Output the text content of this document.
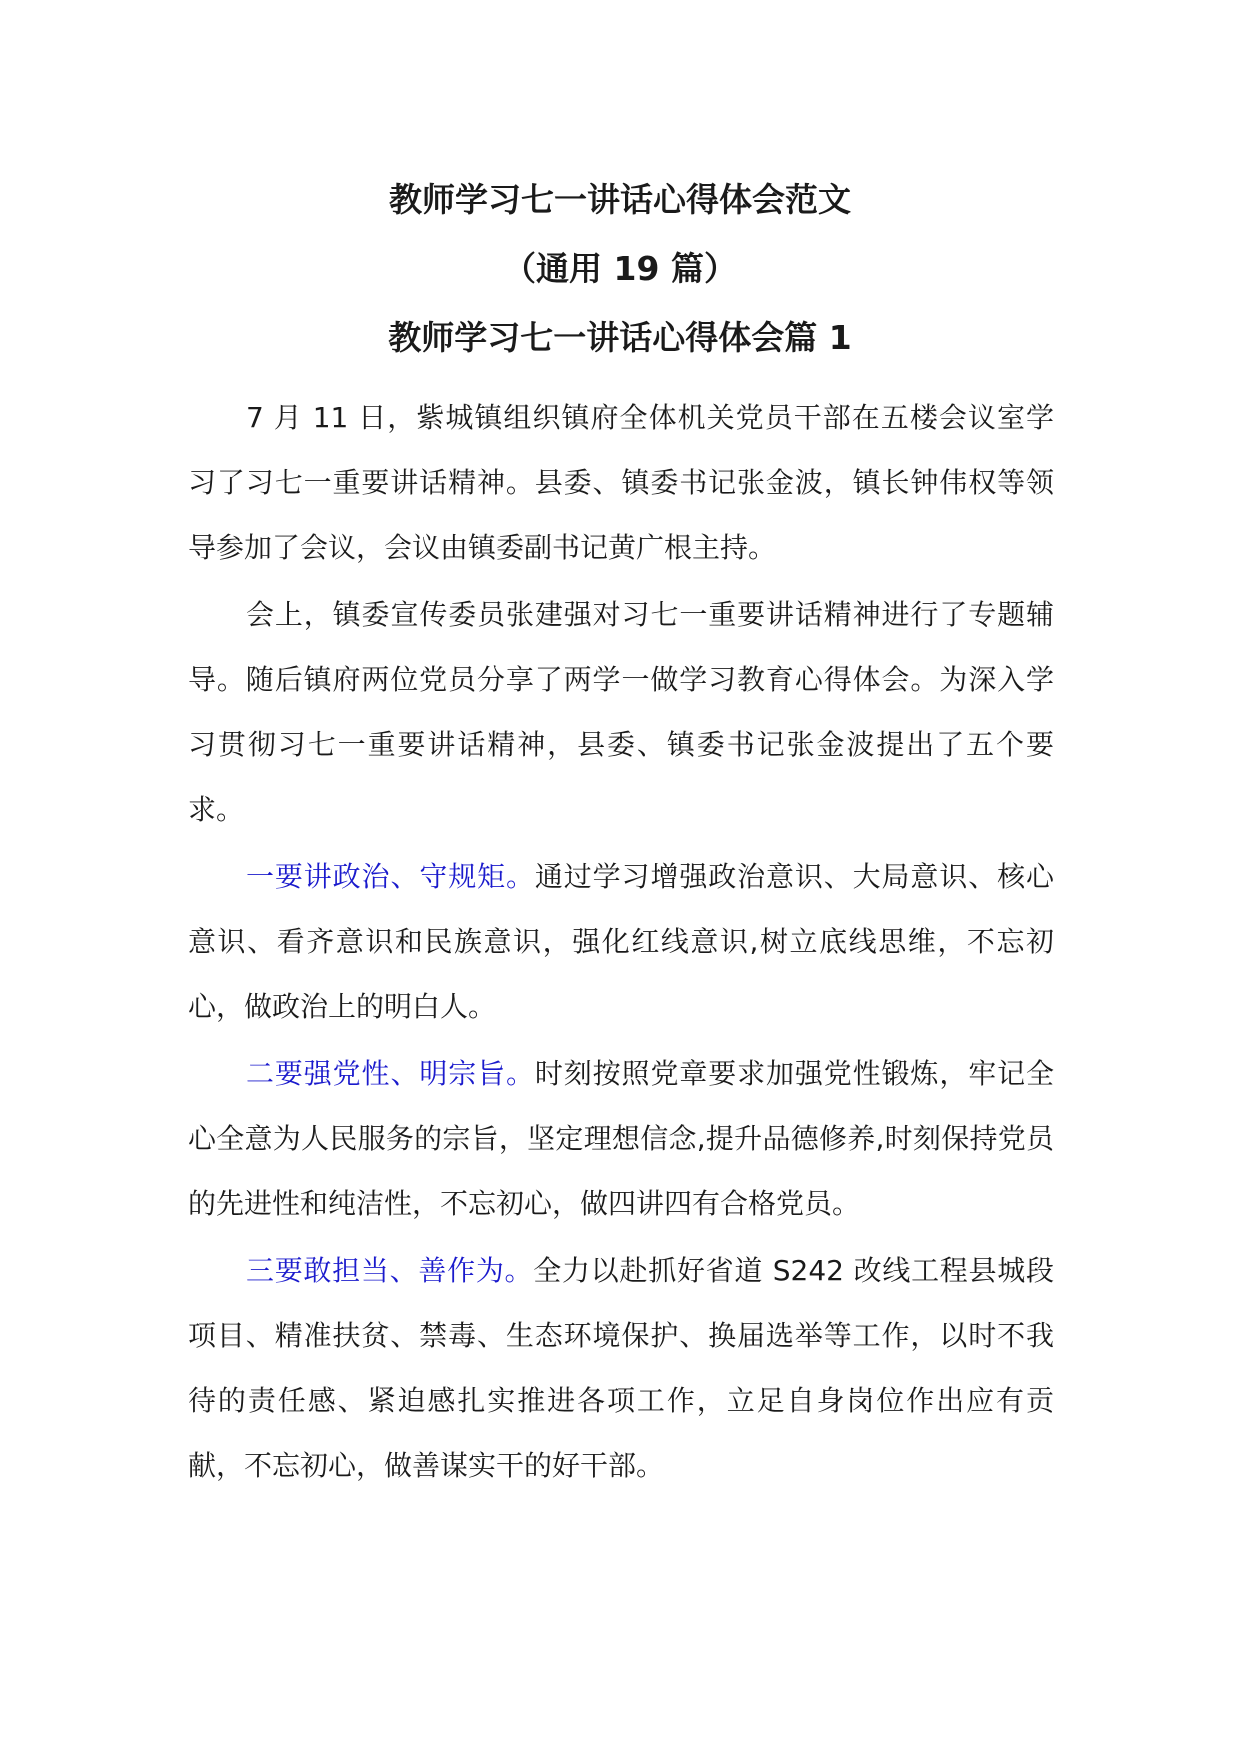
教师学习七一讲话心得体会范文
（通用 19 篇）
教师学习七一讲话心得体会篇 1

7 月 11 日，紫城镇组织镇府全体机关党员干部在五楼会议室学习了习七一重要讲话精神。县委、镇委书记张金波，镇长钟伟权等领导参加了会议，会议由镇委副书记黄广根主持。

会上，镇委宣传委员张建强对习七一重要讲话精神进行了专题辅导。随后镇府两位党员分享了两学一做学习教育心得体会。为深入学习贯彻习七一重要讲话精神，县委、镇委书记张金波提出了五个要求。

一要讲政治、守规矩。通过学习增强政治意识、大局意识、核心意识、看齐意识和民族意识，强化红线意识,树立底线思维，不忘初心，做政治上的明白人。

二要强党性、明宗旨。时刻按照党章要求加强党性锻炼，牢记全心全意为人民服务的宗旨，坚定理想信念,提升品德修养,时刻保持党员的先进性和纯洁性，不忘初心，做四讲四有合格党员。

三要敢担当、善作为。全力以赴抓好省道 S242 改线工程县城段项目、精准扶贫、禁毒、生态环境保护、换届选举等工作，以时不我待的责任感、紧迫感扎实推进各项工作，立足自身岗位作出应有贡献，不忘初心，做善谋实干的好干部。
